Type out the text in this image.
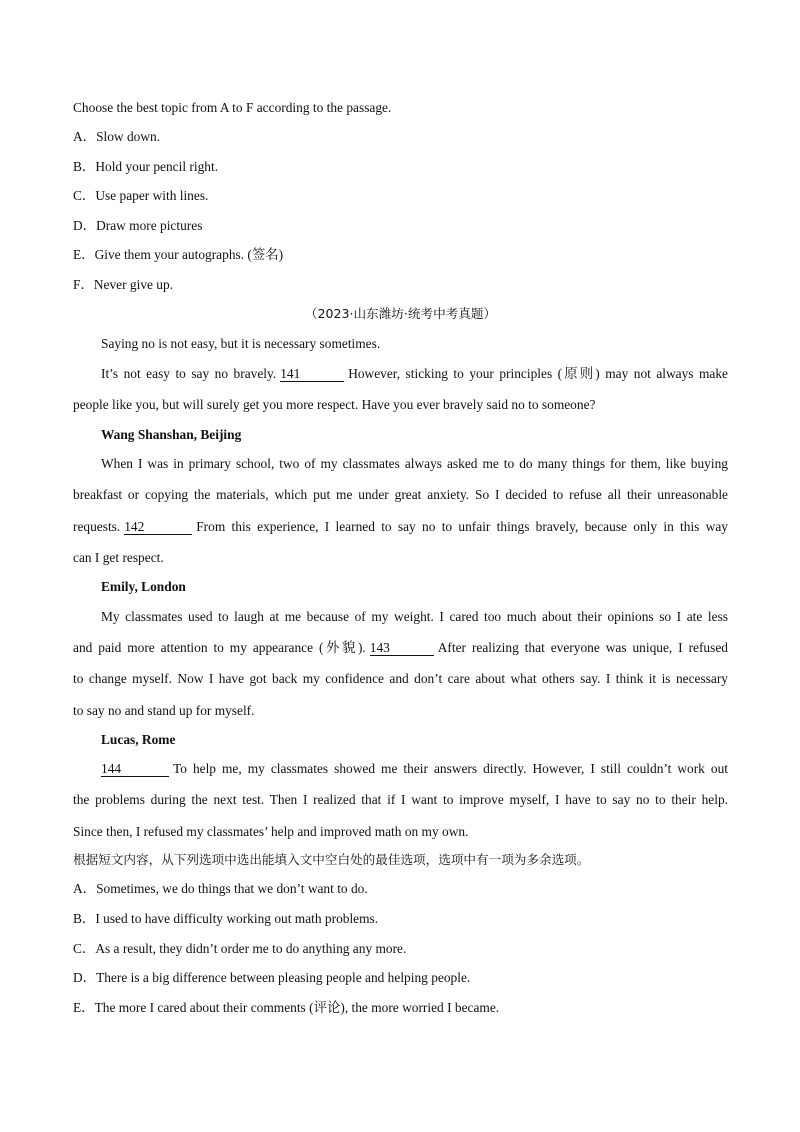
Choose the best topic from A to F according to the passage.
A．Slow down.
B．Hold your pencil right.
C．Use paper with lines.
D．Draw more pictures
E．Give them your autographs. (签名)
F．Never give up.
（2023·山东潍坊·统考中考真题）
Saying no is not easy, but it is necessary sometimes.
It’s not easy to say no bravely. 141	However, sticking to your principles (原则) may not always make
people like you, but will surely get you more respect. Have you ever bravely said no to someone?
Wang Shanshan, Beijing
When I was in primary school, two of my classmates always asked me to do many things for them, like buying
breakfast or copying the materials, which put me under great anxiety. So I decided to refuse all their unreasonable
requests. 142	From this experience, I learned to say no to unfair things bravely, because only in this way
can I get respect.
Emily, London
My classmates used to laugh at me because of my weight. I cared too much about their opinions so I ate less
and paid more attention to my appearance (外貌). 143	After realizing that everyone was unique, I refused
to change myself. Now I have got back my confidence and don’t care about what others say. I think it is necessary
to say no and stand up for myself.
Lucas, Rome
144	To help me, my classmates showed me their answers directly. However, I still couldn’t work out
the problems during the next test. Then I realized that if I want to improve myself, I have to say no to their help.
Since then, I refused my classmates’ help and improved math on my own.
根据短文内容，从下列选项中选出能填入文中空白处的最佳选项，选项中有一项为多余选项。
A．Sometimes, we do things that we don’t want to do.
B．I used to have difficulty working out math problems.
C．As a result, they didn’t order me to do anything any more.
D．There is a big difference between pleasing people and helping people.
E．The more I cared about their comments (评论), the more worried I became.
